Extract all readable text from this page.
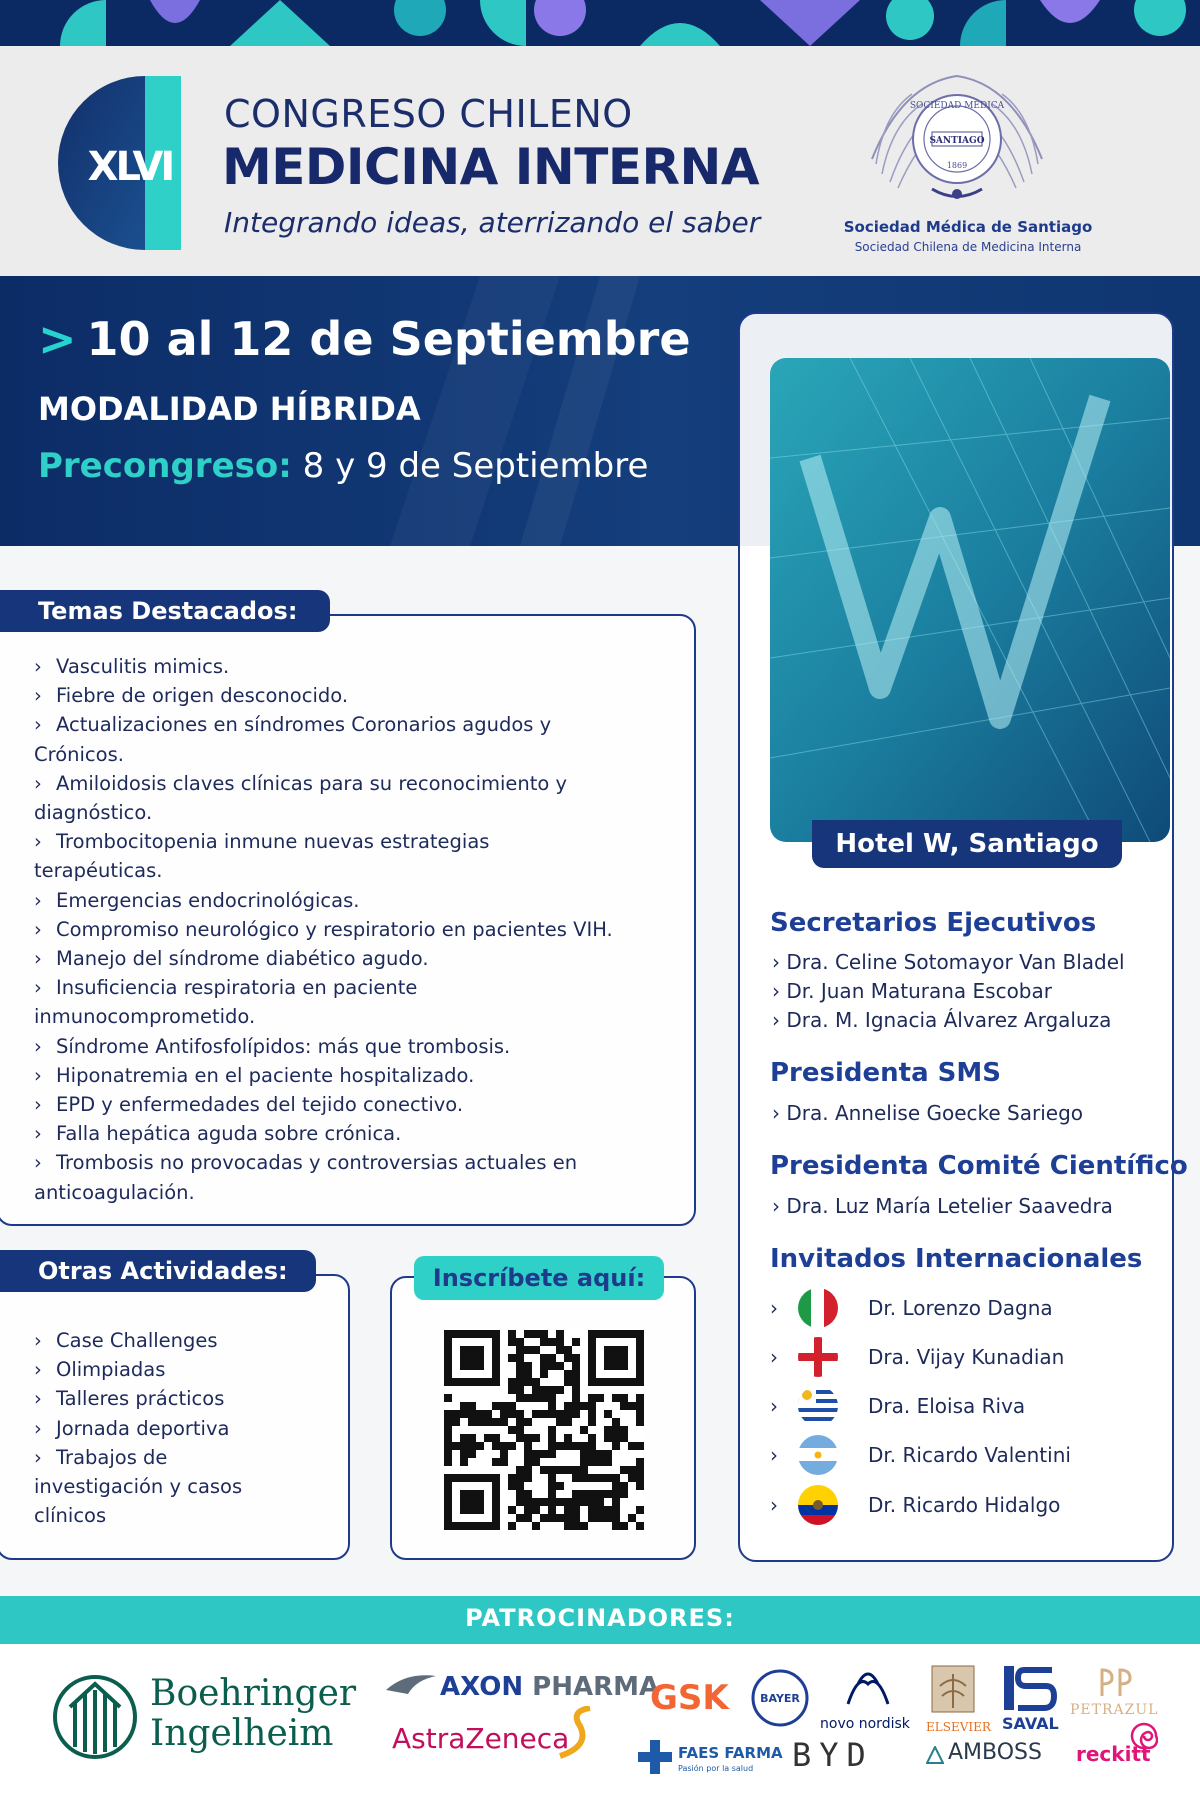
XLVI
CONGRESO CHILENO
MEDICINA INTERNA
Integrando ideas, aterrizando el saber
SOCIEDAD MÉDICA
SANTIAGO
1869
Sociedad Médica de Santiago
Sociedad Chilena de Medicina Interna
> 10 al 12 de Septiembre
MODALIDAD HÍBRIDA
Precongreso: 8 y 9 de Septiembre
Hotel W, Santiago
Secretarios Ejecutivos
› Dra. Celine Sotomayor Van Bladel
› Dr. Juan Maturana Escobar
› Dra. M. Ignacia Álvarez Argaluza
Presidenta SMS
› Dra. Annelise Goecke Sariego
Presidenta Comité Científico
› Dra. Luz María Letelier Saavedra
Invitados Internacionales
›	Dr. Lorenzo Dagna
›	Dra. Vijay Kunadian
›	Dra. Eloisa Riva
›	Dr. Ricardo Valentini
›	Dr. Ricardo Hidalgo
Temas Destacados:
› Vasculitis mimics.
› Fiebre de origen desconocido.
› Actualizaciones en síndromes Coronarios agudos y
Crónicos.
› Amiloidosis claves clínicas para su reconocimiento y
diagnóstico.
› Trombocitopenia inmune nuevas estrategias
terapéuticas.
› Emergencias endocrinológicas.
› Compromiso neurológico y respiratorio en pacientes VIH.
› Manejo del síndrome diabético agudo.
› Insuficiencia respiratoria en paciente
inmunocomprometido.
› Síndrome Antifosfolípidos: más que trombosis.
› Hiponatremia en el paciente hospitalizado.
› EPD y enfermedades del tejido conectivo.
› Falla hepática aguda sobre crónica.
› Trombosis no provocadas y controversias actuales en
anticoagulación.
Otras Actividades:
› Case Challenges
› Olimpiadas
› Talleres prácticos
› Jornada deportiva
› Trabajos de
investigación y casos
clínicos
Inscríbete aquí:
PATROCINADORES:
Boehringer
Ingelheim
AXON PHARMA
AstraZeneca
GSK	BAYER
novo nordisk ELSEVIER SAVAL
PETRAZUL
FAES FARMA
Pasión por la salud BYD	AMBOSS reckitt
